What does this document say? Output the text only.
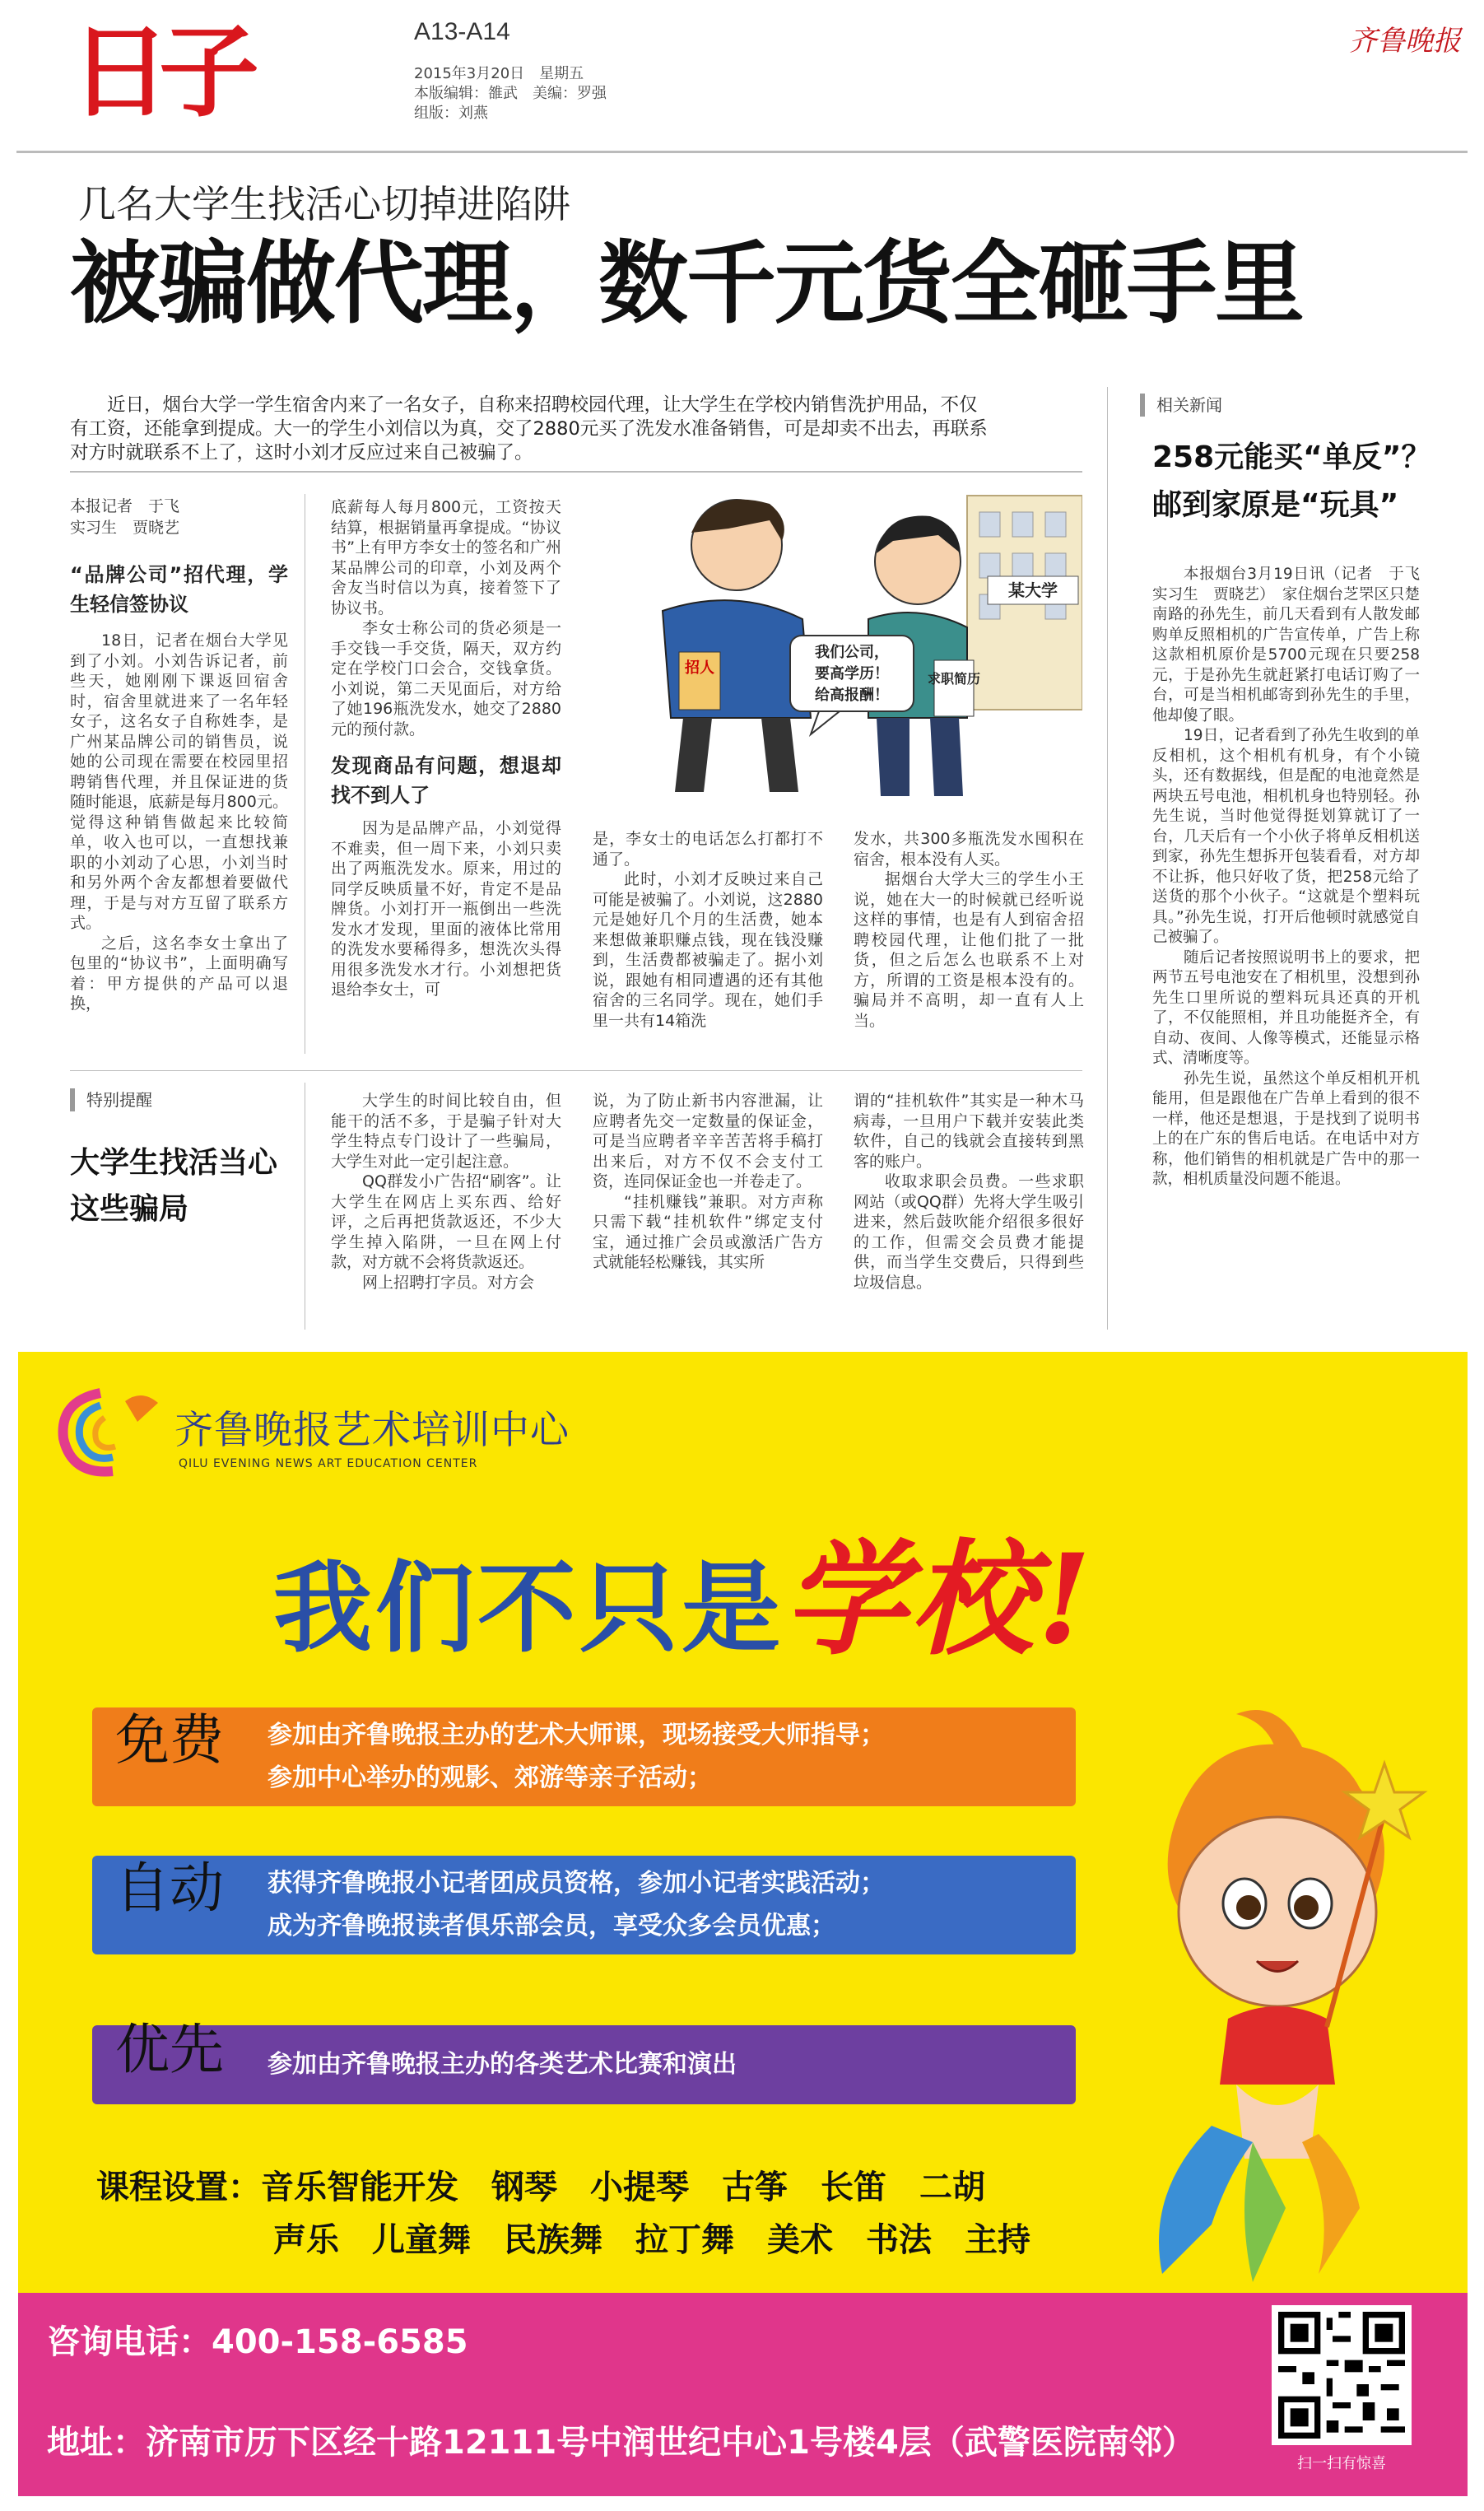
日子	A13-A14
2015年3月20日　星期五
本版编辑：雒武　美编：罗强
组版：刘燕
齐鲁晚报
几名大学生找活心切掉进陷阱
被骗做代理，数千元货全砸手里
近日，烟台大学一学生宿舍内来了一名女子，自称来招聘校园代理，让大学生在学校内销售洗护用品，不仅有工资，还能拿到提成。大一的学生小刘信以为真，交了2880元买了洗发水准备销售，可是却卖不出去，再联系对方时就联系不上了，这时小刘才反应过来自己被骗了。
本报记者　于飞
实习生　贾晓艺

“品牌公司”招代理，学生轻信签协议

18日，记者在烟台大学见到了小刘。小刘告诉记者，前些天，她刚刚下课返回宿舍时，宿舍里就进来了一名年轻女子，这名女子自称姓李，是广州某品牌公司的销售员，说她的公司现在需要在校园里招聘销售代理，并且保证进的货随时能退，底薪是每月800元。觉得这种销售做起来比较简单，收入也可以，一直想找兼职的小刘动了心思，小刘当时和另外两个舍友都想着要做代理，于是与对方互留了联系方式。

之后，这名李女士拿出了包里的“协议书”，上面明确写着：甲方提供的产品可以退换，

底薪每人每月800元，工资按天结算，根据销量再拿提成。“协议书”上有甲方李女士的签名和广州某品牌公司的印章，小刘及两个舍友当时信以为真，接着签下了协议书。

李女士称公司的货必须是一手交钱一手交货，隔天，双方约定在学校门口会合，交钱拿货。小刘说，第二天见面后，对方给了她196瓶洗发水，她交了2880元的预付款。

发现商品有问题，想退却找不到人了

因为是品牌产品，小刘觉得不难卖，但一周下来，小刘只卖出了两瓶洗发水。原来，用过的同学反映质量不好，肯定不是品牌货。小刘打开一瓶倒出一些洗发水才发现，里面的液体比常用的洗发水要稀得多，想洗次头得用很多洗发水才行。小刘想把货退给李女士，可

某大学
招人
求职简历
我们公司，
要高学历！
给高报酬！

是，李女士的电话怎么打都打不通了。

此时，小刘才反映过来自己可能是被骗了。小刘说，这2880元是她好几个月的生活费，她本来想做兼职赚点钱，现在钱没赚到，生活费都被骗走了。据小刘说，跟她有相同遭遇的还有其他宿舍的三名同学。现在，她们手里一共有14箱洗

发水，共300多瓶洗发水囤积在宿舍，根本没有人买。

据烟台大学大三的学生小王说，她在大一的时候就已经听说这样的事情，也是有人到宿舍招聘校园代理，让他们批了一批货，但之后怎么也联系不上对方，所谓的工资是根本没有的。骗局并不高明，却一直有人上当。

特别提醒
大学生找活当心这些骗局

大学生的时间比较自由，但能干的活不多，于是骗子针对大学生特点专门设计了一些骗局，大学生对此一定引起注意。

QQ群发小广告招“刷客”。让大学生在网店上买东西、给好评，之后再把货款返还，不少大学生掉入陷阱，一旦在网上付款，对方就不会将货款返还。

网上招聘打字员。对方会

说，为了防止新书内容泄漏，让应聘者先交一定数量的保证金，可是当应聘者辛辛苦苦将手稿打出来后，对方不仅不会支付工资，连同保证金也一并卷走了。

“挂机赚钱”兼职。对方声称只需下载“挂机软件”绑定支付宝，通过推广会员或激活广告方式就能轻松赚钱，其实所

谓的“挂机软件”其实是一种木马病毒，一旦用户下载并安装此类软件，自己的钱就会直接转到黑客的账户。

收取求职会员费。一些求职网站（或QQ群）先将大学生吸引进来，然后鼓吹能介绍很多很好的工作，但需交会员费才能提供，而当学生交费后，只得到些垃圾信息。

相关新闻
258元能买“单反”？
邮到家原是“玩具”

本报烟台3月19日讯（记者　于飞　实习生　贾晓艺）　家住烟台芝罘区只楚南路的孙先生，前几天看到有人散发邮购单反照相机的广告宣传单，广告上称这款相机原价是5700元现在只要258元，于是孙先生就赶紧打电话订购了一台，可是当相机邮寄到孙先生的手里，他却傻了眼。

19日，记者看到了孙先生收到的单反相机，这个相机有机身，有个小镜头，还有数据线，但是配的电池竟然是两块五号电池，相机机身也特别轻。孙先生说，当时他觉得挺划算就订了一台，几天后有一个小伙子将单反相机送到家，孙先生想拆开包装看看，对方却不让拆，他只好收了货，把258元给了送货的那个小伙子。“这就是个塑料玩具。”孙先生说，打开后他顿时就感觉自己被骗了。

随后记者按照说明书上的要求，把两节五号电池安在了相机里，没想到孙先生口里所说的塑料玩具还真的开机了，不仅能照相，并且功能挺齐全，有自动、夜间、人像等模式，还能显示格式、清晰度等。

孙先生说，虽然这个单反相机开机能用，但是跟他在广告单上看到的很不一样，他还是想退，于是找到了说明书上的在广东的售后电话。在电话中对方称，他们销售的相机就是广告中的那一款，相机质量没问题不能退。

齐鲁晚报艺术培训中心
QILU EVENING NEWS ART EDUCATION CENTER
我们不只是学校!
免费 参加由齐鲁晚报主办的艺术大师课，现场接受大师指导；
参加中心举办的观影、郊游等亲子活动；
自动 获得齐鲁晚报小记者团成员资格，参加小记者实践活动；
成为齐鲁晚报读者俱乐部会员，享受众多会员优惠；
优先 参加由齐鲁晚报主办的各类艺术比赛和演出
课程设置：音乐智能开发　钢琴　小提琴　古筝　长笛　二胡
声乐　儿童舞　民族舞　拉丁舞　美术　书法　主持
咨询电话：400-158-6585
地址：济南市历下区经十路12111号中润世纪中心1号楼4层（武警医院南邻）
扫一扫有惊喜
